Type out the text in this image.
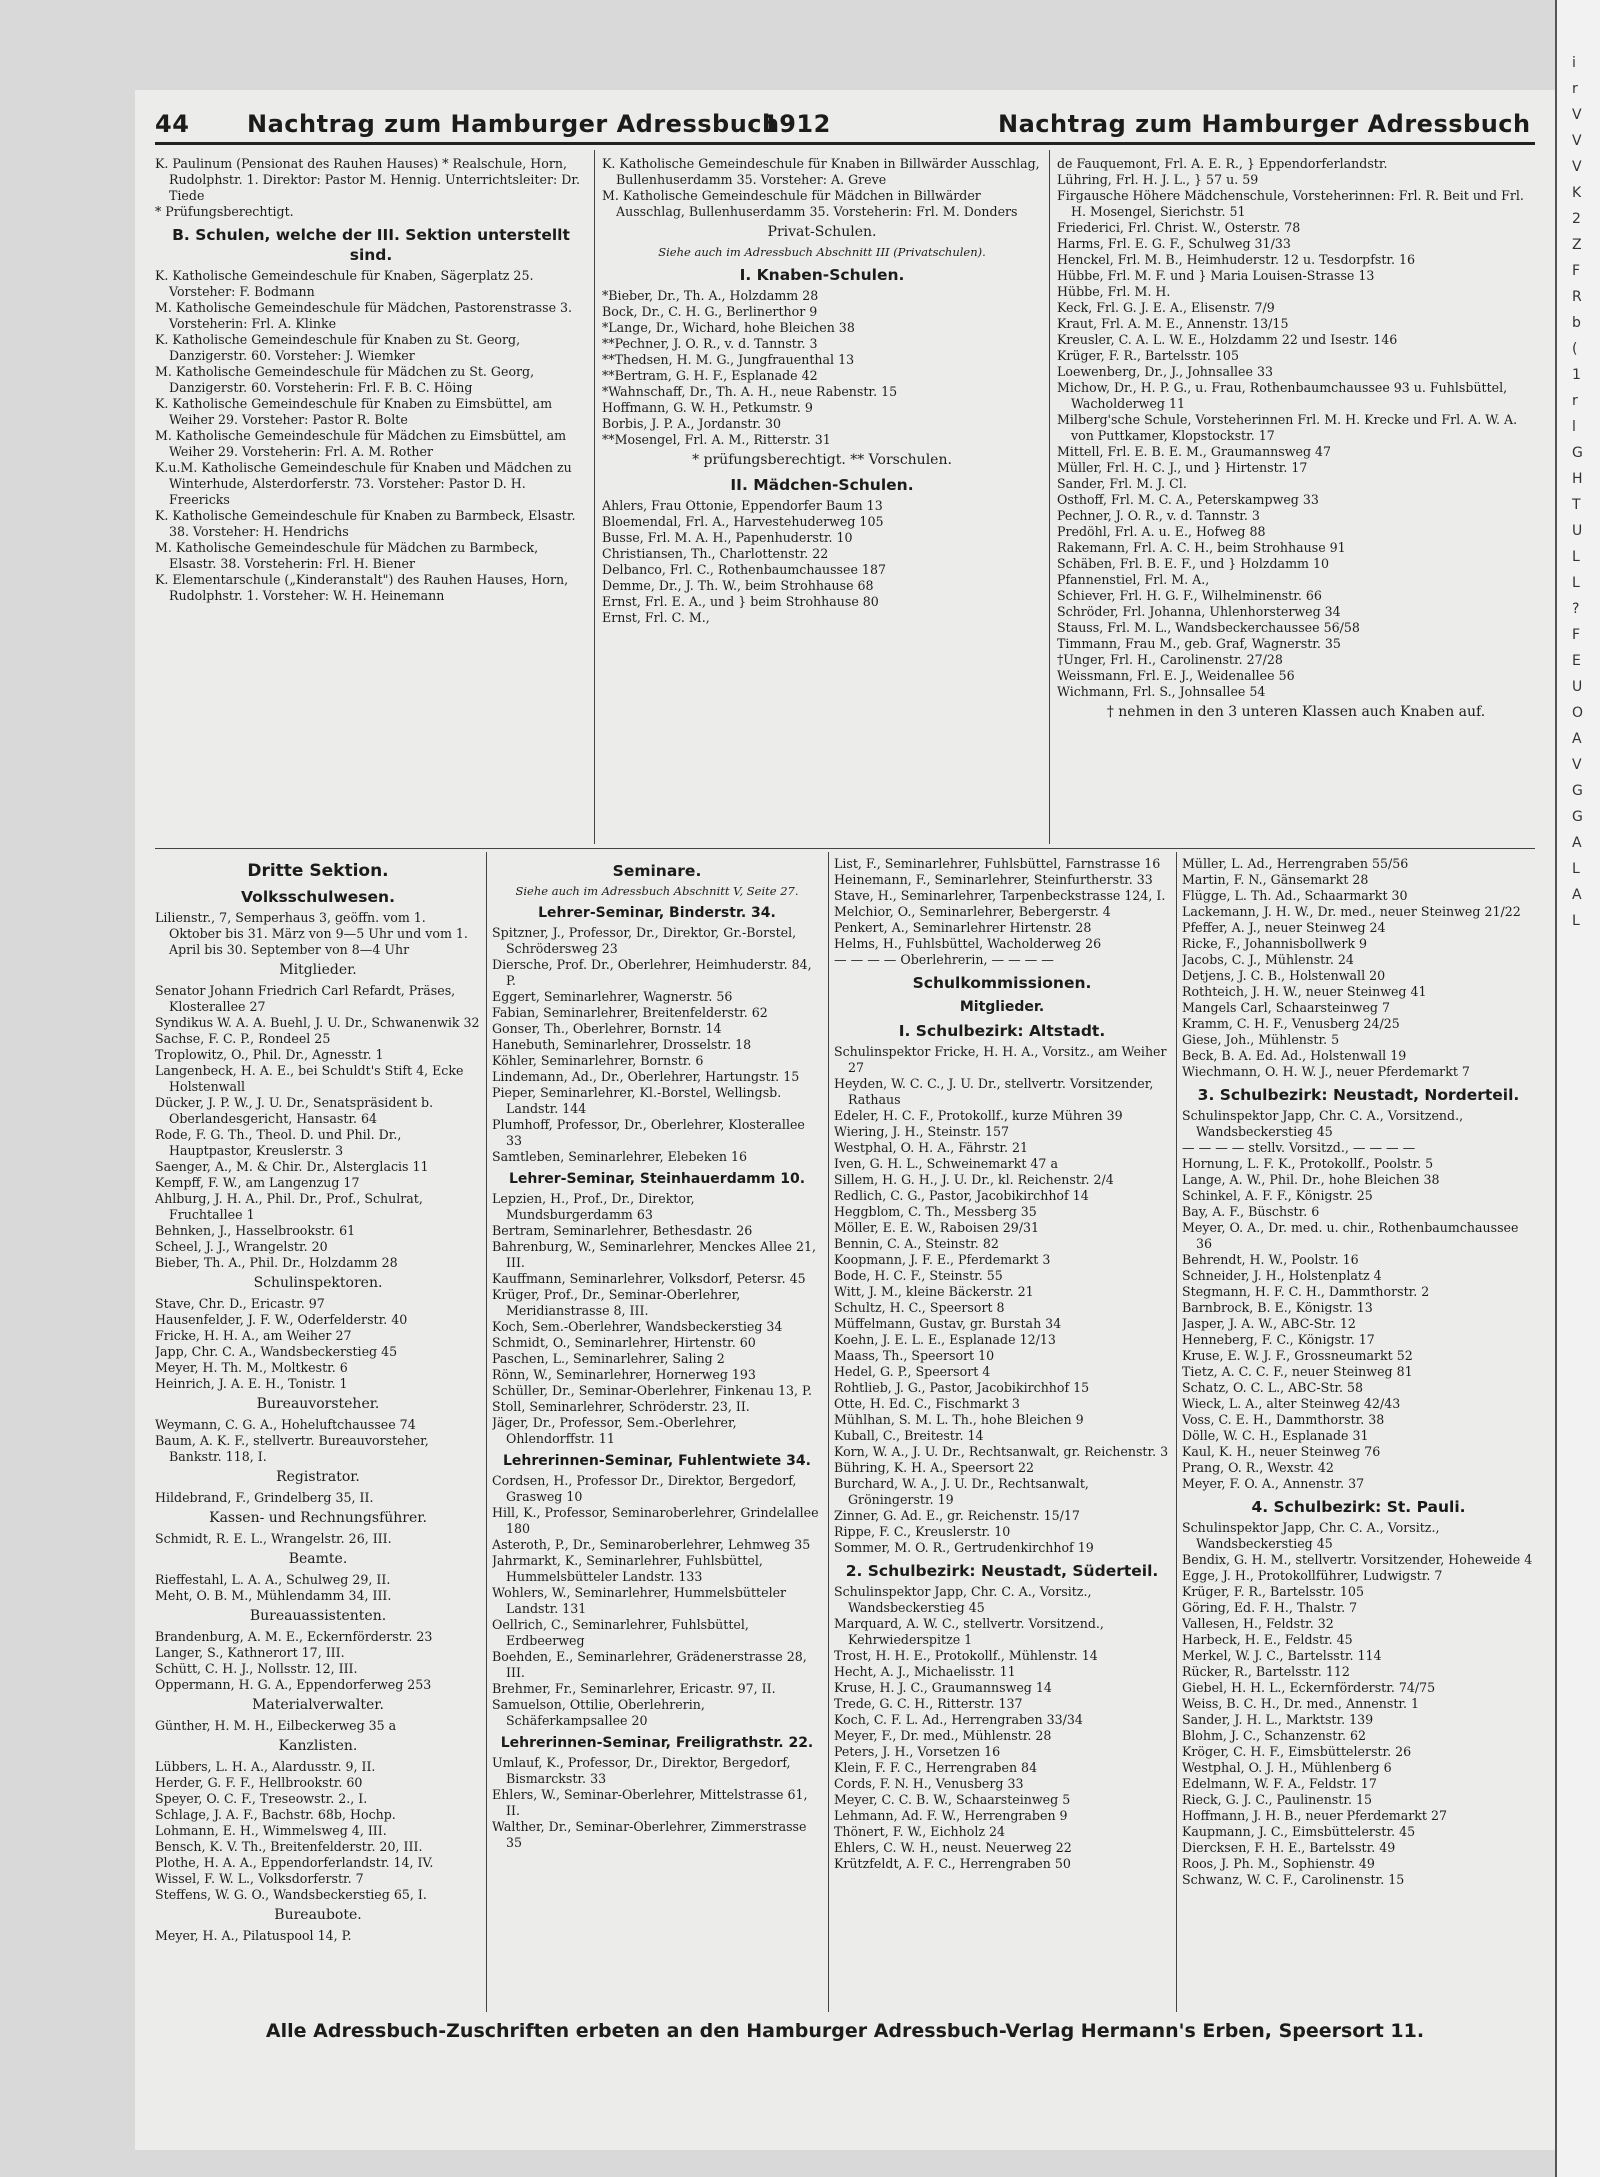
44 Nachtrag zum Hamburger Adressbuch
1912	Nachtrag zum Hamburger Adressbuch

K. Paulinum (Pensionat des Rauhen Hauses) * Realschule, Horn, Rudolphstr. 1. Direktor: Pastor M. Hennig. Unterrichtsleiter: Dr. Tiede

* Prüfungsberechtigt.

B. Schulen, welche der III. Sektion unterstellt sind.

K. Katholische Gemeindeschule für Knaben, Sägerplatz 25. Vorsteher: F. Bodmann

M. Katholische Gemeindeschule für Mädchen, Pastorenstrasse 3. Vorsteherin: Frl. A. Klinke

K. Katholische Gemeindeschule für Knaben zu St. Georg, Danzigerstr. 60. Vorsteher: J. Wiemker

M. Katholische Gemeindeschule für Mädchen zu St. Georg, Danzigerstr. 60. Vorsteherin: Frl. F. B. C. Höing

K. Katholische Gemeindeschule für Knaben zu Eimsbüttel, am Weiher 29. Vorsteher: Pastor R. Bolte

M. Katholische Gemeindeschule für Mädchen zu Eimsbüttel, am Weiher 29. Vorsteherin: Frl. A. M. Rother

K.u.M. Katholische Gemeindeschule für Knaben und Mädchen zu Winterhude, Alsterdorferstr. 73. Vorsteher: Pastor D. H. Freericks

K. Katholische Gemeindeschule für Knaben zu Barmbeck, Elsastr. 38. Vorsteher: H. Hendrichs

M. Katholische Gemeindeschule für Mädchen zu Barmbeck, Elsastr. 38. Vorsteherin: Frl. H. Biener

K. Elementarschule („Kinderanstalt") des Rauhen Hauses, Horn, Rudolphstr. 1. Vorsteher: W. H. Heinemann

K. Katholische Gemeindeschule für Knaben in Billwärder Ausschlag, Bullenhuserdamm 35. Vorsteher: A. Greve

M. Katholische Gemeindeschule für Mädchen in Billwärder Ausschlag, Bullenhuserdamm 35. Vorsteherin: Frl. M. Donders

Privat-Schulen.

Siehe auch im Adressbuch Abschnitt III (Privatschulen).

I. Knaben-Schulen.

*Bieber, Dr., Th. A., Holzdamm 28

Bock, Dr., C. H. G., Berlinerthor 9

*Lange, Dr., Wichard, hohe Bleichen 38

**Pechner, J. O. R., v. d. Tannstr. 3

**Thedsen, H. M. G., Jungfrauenthal 13

**Bertram, G. H. F., Esplanade 42

*Wahnschaff, Dr., Th. A. H., neue Rabenstr. 15

Hoffmann, G. W. H., Petkumstr. 9

Borbis, J. P. A., Jordanstr. 30

**Mosengel, Frl. A. M., Ritterstr. 31

* prüfungsberechtigt. ** Vorschulen.

II. Mädchen-Schulen.

Ahlers, Frau Ottonie, Eppendorfer Baum 13

Bloemendal, Frl. A., Harvestehuderweg 105

Busse, Frl. M. A. H., Papenhuderstr. 10

Christiansen, Th., Charlottenstr. 22

Delbanco, Frl. C., Rothenbaumchaussee 187

Demme, Dr., J. Th. W., beim Strohhause 68

Ernst, Frl. E. A., und } beim Strohhause 80

Ernst, Frl. C. M.,

de Fauquemont, Frl. A. E. R., } Eppendorferlandstr.

Lühring, Frl. H. J. L., } 57 u. 59

Firgausche Höhere Mädchenschule, Vorsteherinnen: Frl. R. Beit und Frl. H. Mosengel, Sierichstr. 51

Friederici, Frl. Christ. W., Osterstr. 78

Harms, Frl. E. G. F., Schulweg 31/33

Henckel, Frl. M. B., Heimhuderstr. 12 u. Tesdorpfstr. 16

Hübbe, Frl. M. F. und } Maria Louisen-Strasse 13

Hübbe, Frl. M. H.

Keck, Frl. G. J. E. A., Elisenstr. 7/9

Kraut, Frl. A. M. E., Annenstr. 13/15

Kreusler, C. A. L. W. E., Holzdamm 22 und Isestr. 146

Krüger, F. R., Bartelsstr. 105

Loewenberg, Dr., J., Johnsallee 33

Michow, Dr., H. P. G., u. Frau, Rothenbaumchaussee 93 u. Fuhlsbüttel, Wacholderweg 11

Milberg'sche Schule, Vorsteherinnen Frl. M. H. Krecke und Frl. A. W. A. von Puttkamer, Klopstockstr. 17

Mittell, Frl. E. B. E. M., Graumannsweg 47

Müller, Frl. H. C. J., und } Hirtenstr. 17

Sander, Frl. M. J. Cl.

Osthoff, Frl. M. C. A., Peterskampweg 33

Pechner, J. O. R., v. d. Tannstr. 3

Predöhl, Frl. A. u. E., Hofweg 88

Rakemann, Frl. A. C. H., beim Strohhause 91

Schäben, Frl. B. E. F., und } Holzdamm 10

Pfannenstiel, Frl. M. A.,

Schiever, Frl. H. G. F., Wilhelminenstr. 66

Schröder, Frl. Johanna, Uhlenhorsterweg 34

Stauss, Frl. M. L., Wandsbeckerchaussee 56/58

Timmann, Frau M., geb. Graf, Wagnerstr. 35

†Unger, Frl. H., Carolinenstr. 27/28

Weissmann, Frl. E. J., Weidenallee 56

Wichmann, Frl. S., Johnsallee 54

† nehmen in den 3 unteren Klassen auch Knaben auf.

Dritte Sektion.

Volksschulwesen.

Lilienstr., 7, Semperhaus 3, geöffn. vom 1. Oktober bis 31. März von 9—5 Uhr und vom 1. April bis 30. September von 8—4 Uhr

Mitglieder.

Senator Johann Friedrich Carl Refardt, Präses, Klosterallee 27

Syndikus W. A. A. Buehl, J. U. Dr., Schwanenwik 32

Sachse, F. C. P., Rondeel 25

Troplowitz, O., Phil. Dr., Agnesstr. 1

Langenbeck, H. A. E., bei Schuldt's Stift 4, Ecke Holstenwall

Dücker, J. P. W., J. U. Dr., Senatspräsident b. Oberlandesgericht, Hansastr. 64

Rode, F. G. Th., Theol. D. und Phil. Dr., Hauptpastor, Kreuslerstr. 3

Saenger, A., M. & Chir. Dr., Alsterglacis 11

Kempff, F. W., am Langenzug 17

Ahlburg, J. H. A., Phil. Dr., Prof., Schulrat, Fruchtallee 1

Behnken, J., Hasselbrookstr. 61

Scheel, J. J., Wrangelstr. 20

Bieber, Th. A., Phil. Dr., Holzdamm 28

Schulinspektoren.

Stave, Chr. D., Ericastr. 97

Hausenfelder, J. F. W., Oderfelderstr. 40

Fricke, H. H. A., am Weiher 27

Japp, Chr. C. A., Wandsbeckerstieg 45

Meyer, H. Th. M., Moltkestr. 6

Heinrich, J. A. E. H., Tonistr. 1

Bureauvorsteher.

Weymann, C. G. A., Hoheluftchaussee 74

Baum, A. K. F., stellvertr. Bureauvorsteher, Bankstr. 118, I.

Registrator.

Hildebrand, F., Grindelberg 35, II.

Kassen- und Rechnungsführer.

Schmidt, R. E. L., Wrangelstr. 26, III.

Beamte.

Rieffestahl, L. A. A., Schulweg 29, II.

Meht, O. B. M., Mühlendamm 34, III.

Bureauassistenten.

Brandenburg, A. M. E., Eckernförderstr. 23

Langer, S., Kathnerort 17, III.

Schütt, C. H. J., Nollsstr. 12, III.

Oppermann, H. G. A., Eppendorferweg 253

Materialverwalter.

Günther, H. M. H., Eilbeckerweg 35 a

Kanzlisten.

Lübbers, L. H. A., Alardusstr. 9, II.

Herder, G. F. F., Hellbrookstr. 60

Speyer, O. C. F., Treseowstr. 2., I.

Schlage, J. A. F., Bachstr. 68b, Hochp.

Lohmann, E. H., Wimmelsweg 4, III.

Bensch, K. V. Th., Breitenfelderstr. 20, III.

Plothe, H. A. A., Eppendorferlandstr. 14, IV.

Wissel, F. W. L., Volksdorferstr. 7

Steffens, W. G. O., Wandsbeckerstieg 65, I.

Bureaubote.

Meyer, H. A., Pilatuspool 14, P.

Seminare.

Siehe auch im Adressbuch Abschnitt V, Seite 27.

Lehrer-Seminar, Binderstr. 34.

Spitzner, J., Professor, Dr., Direktor, Gr.-Borstel, Schrödersweg 23

Diersche, Prof. Dr., Oberlehrer, Heimhuderstr. 84, P.

Eggert, Seminarlehrer, Wagnerstr. 56

Fabian, Seminarlehrer, Breitenfelderstr. 62

Gonser, Th., Oberlehrer, Bornstr. 14

Hanebuth, Seminarlehrer, Drosselstr. 18

Köhler, Seminarlehrer, Bornstr. 6

Lindemann, Ad., Dr., Oberlehrer, Hartungstr. 15

Pieper, Seminarlehrer, Kl.-Borstel, Wellingsb. Landstr. 144

Plumhoff, Professor, Dr., Oberlehrer, Klosterallee 33

Samtleben, Seminarlehrer, Elebeken 16

Lehrer-Seminar, Steinhauerdamm 10.

Lepzien, H., Prof., Dr., Direktor, Mundsburgerdamm 63

Bertram, Seminarlehrer, Bethesdastr. 26

Bahrenburg, W., Seminarlehrer, Menckes Allee 21, III.

Kauffmann, Seminarlehrer, Volksdorf, Petersr. 45

Krüger, Prof., Dr., Seminar-Oberlehrer, Meridianstrasse 8, III.

Koch, Sem.-Oberlehrer, Wandsbeckerstieg 34

Schmidt, O., Seminarlehrer, Hirtenstr. 60

Paschen, L., Seminarlehrer, Saling 2

Rönn, W., Seminarlehrer, Hornerweg 193

Schüller, Dr., Seminar-Oberlehrer, Finkenau 13, P.

Stoll, Seminarlehrer, Schröderstr. 23, II.

Jäger, Dr., Professor, Sem.-Oberlehrer, Ohlendorffstr. 11

Lehrerinnen-Seminar, Fuhlentwiete 34.

Cordsen, H., Professor Dr., Direktor, Bergedorf, Grasweg 10

Hill, K., Professor, Seminaroberlehrer, Grindelallee 180

Asteroth, P., Dr., Seminaroberlehrer, Lehmweg 35

Jahrmarkt, K., Seminarlehrer, Fuhlsbüttel, Hummelsbütteler Landstr. 133

Wohlers, W., Seminarlehrer, Hummelsbütteler Landstr. 131

Oellrich, C., Seminarlehrer, Fuhlsbüttel, Erdbeerweg

Boehden, E., Seminarlehrer, Grädenerstrasse 28, III.

Brehmer, Fr., Seminarlehrer, Ericastr. 97, II.

Samuelson, Ottilie, Oberlehrerin, Schäferkampsallee 20

Lehrerinnen-Seminar, Freiligrathstr. 22.

Umlauf, K., Professor, Dr., Direktor, Bergedorf, Bismarckstr. 33

Ehlers, W., Seminar-Oberlehrer, Mittelstrasse 61, II.

Walther, Dr., Seminar-Oberlehrer, Zimmerstrasse 35

List, F., Seminarlehrer, Fuhlsbüttel, Farnstrasse 16

Heinemann, F., Seminarlehrer, Steinfurtherstr. 33

Stave, H., Seminarlehrer, Tarpenbeckstrasse 124, I.

Melchior, O., Seminarlehrer, Bebergerstr. 4

Penkert, A., Seminarlehrer Hirtenstr. 28

Helms, H., Fuhlsbüttel, Wacholderweg 26

— — — — Oberlehrerin, — — — —

Schulkommissionen.

Mitglieder.

I. Schulbezirk: Altstadt.

Schulinspektor Fricke, H. H. A., Vorsitz., am Weiher 27

Heyden, W. C. C., J. U. Dr., stellvertr. Vorsitzender, Rathaus

Edeler, H. C. F., Protokollf., kurze Mühren 39

Wiering, J. H., Steinstr. 157

Westphal, O. H. A., Fährstr. 21

Iven, G. H. L., Schweinemarkt 47 a

Sillem, H. G. H., J. U. Dr., kl. Reichenstr. 2/4

Redlich, C. G., Pastor, Jacobikirchhof 14

Heggblom, C. Th., Messberg 35

Möller, E. E. W., Raboisen 29/31

Bennin, C. A., Steinstr. 82

Koopmann, J. F. E., Pferdemarkt 3

Bode, H. C. F., Steinstr. 55

Witt, J. M., kleine Bäckerstr. 21

Schultz, H. C., Speersort 8

Müffelmann, Gustav, gr. Burstah 34

Koehn, J. E. L. E., Esplanade 12/13

Maass, Th., Speersort 10

Hedel, G. P., Speersort 4

Rohtlieb, J. G., Pastor, Jacobikirchhof 15

Otte, H. Ed. C., Fischmarkt 3

Mühlhan, S. M. L. Th., hohe Bleichen 9

Kuball, C., Breitestr. 14

Korn, W. A., J. U. Dr., Rechtsanwalt, gr. Reichenstr. 3

Bühring, K. H. A., Speersort 22

Burchard, W. A., J. U. Dr., Rechtsanwalt, Gröningerstr. 19

Zinner, G. Ad. E., gr. Reichenstr. 15/17

Rippe, F. C., Kreuslerstr. 10

Sommer, M. O. R., Gertrudenkirchhof 19

2. Schulbezirk: Neustadt, Süderteil.

Schulinspektor Japp, Chr. C. A., Vorsitz., Wandsbeckerstieg 45

Marquard, A. W. C., stellvertr. Vorsitzend., Kehrwiederspitze 1

Trost, H. H. E., Protokollf., Mühlenstr. 14

Hecht, A. J., Michaelisstr. 11

Kruse, H. J. C., Graumannsweg 14

Trede, G. C. H., Ritterstr. 137

Koch, C. F. L. Ad., Herrengraben 33/34

Meyer, F., Dr. med., Mühlenstr. 28

Peters, J. H., Vorsetzen 16

Klein, F. F. C., Herrengraben 84

Cords, F. N. H., Venusberg 33

Meyer, C. C. B. W., Schaarsteinweg 5

Lehmann, Ad. F. W., Herrengraben 9

Thönert, F. W., Eichholz 24

Ehlers, C. W. H., neust. Neuerweg 22

Krützfeldt, A. F. C., Herrengraben 50

Müller, L. Ad., Herrengraben 55/56

Martin, F. N., Gänsemarkt 28

Flügge, L. Th. Ad., Schaarmarkt 30

Lackemann, J. H. W., Dr. med., neuer Steinweg 21/22

Pfeffer, A. J., neuer Steinweg 24

Ricke, F., Johannisbollwerk 9

Jacobs, C. J., Mühlenstr. 24

Detjens, J. C. B., Holstenwall 20

Rothteich, J. H. W., neuer Steinweg 41

Mangels Carl, Schaarsteinweg 7

Kramm, C. H. F., Venusberg 24/25

Giese, Joh., Mühlenstr. 5

Beck, B. A. Ed. Ad., Holstenwall 19

Wiechmann, O. H. W. J., neuer Pferdemarkt 7

3. Schulbezirk: Neustadt, Norderteil.

Schulinspektor Japp, Chr. C. A., Vorsitzend., Wandsbeckerstieg 45

— — — — stellv. Vorsitzd., — — — —

Hornung, L. F. K., Protokollf., Poolstr. 5

Lange, A. W., Phil. Dr., hohe Bleichen 38

Schinkel, A. F. F., Königstr. 25

Bay, A. F., Büschstr. 6

Meyer, O. A., Dr. med. u. chir., Rothenbaumchaussee 36

Behrendt, H. W., Poolstr. 16

Schneider, J. H., Holstenplatz 4

Stegmann, H. F. C. H., Dammthorstr. 2

Barnbrock, B. E., Königstr. 13

Jasper, J. A. W., ABC-Str. 12

Henneberg, F. C., Königstr. 17

Kruse, E. W. J. F., Grossneumarkt 52

Tietz, A. C. C. F., neuer Steinweg 81

Schatz, O. C. L., ABC-Str. 58

Wieck, L. A., alter Steinweg 42/43

Voss, C. E. H., Dammthorstr. 38

Dölle, W. C. H., Esplanade 31

Kaul, K. H., neuer Steinweg 76

Prang, O. R., Wexstr. 42

Meyer, F. O. A., Annenstr. 37

4. Schulbezirk: St. Pauli.

Schulinspektor Japp, Chr. C. A., Vorsitz., Wandsbeckerstieg 45

Bendix, G. H. M., stellvertr. Vorsitzender, Hoheweide 4

Egge, J. H., Protokollführer, Ludwigstr. 7

Krüger, F. R., Bartelsstr. 105

Göring, Ed. F. H., Thalstr. 7

Vallesen, H., Feldstr. 32

Harbeck, H. E., Feldstr. 45

Merkel, W. J. C., Bartelsstr. 114

Rücker, R., Bartelsstr. 112

Giebel, H. H. L., Eckernförderstr. 74/75

Weiss, B. C. H., Dr. med., Annenstr. 1

Sander, J. H. L., Marktstr. 139

Blohm, J. C., Schanzenstr. 62

Kröger, C. H. F., Eimsbüttelerstr. 26

Westphal, O. J. H., Mühlenberg 6

Edelmann, W. F. A., Feldstr. 17

Rieck, G. J. C., Paulinenstr. 15

Hoffmann, J. H. B., neuer Pferdemarkt 27

Kaupmann, J. C., Eimsbüttelerstr. 45

Diercksen, F. H. E., Bartelsstr. 49

Roos, J. Ph. M., Sophienstr. 49

Schwanz, W. C. F., Carolinenstr. 15

Alle Adressbuch-Zuschriften erbeten an den Hamburger Adressbuch-Verlag Hermann's Erben, Speersort 11.
i
r
V
V
V
K
2
Z
F
R
b
(
1
r
l
G
H
T
U
L
L
?
F
E
U
O
A
V
G
G
A
L
A
L
